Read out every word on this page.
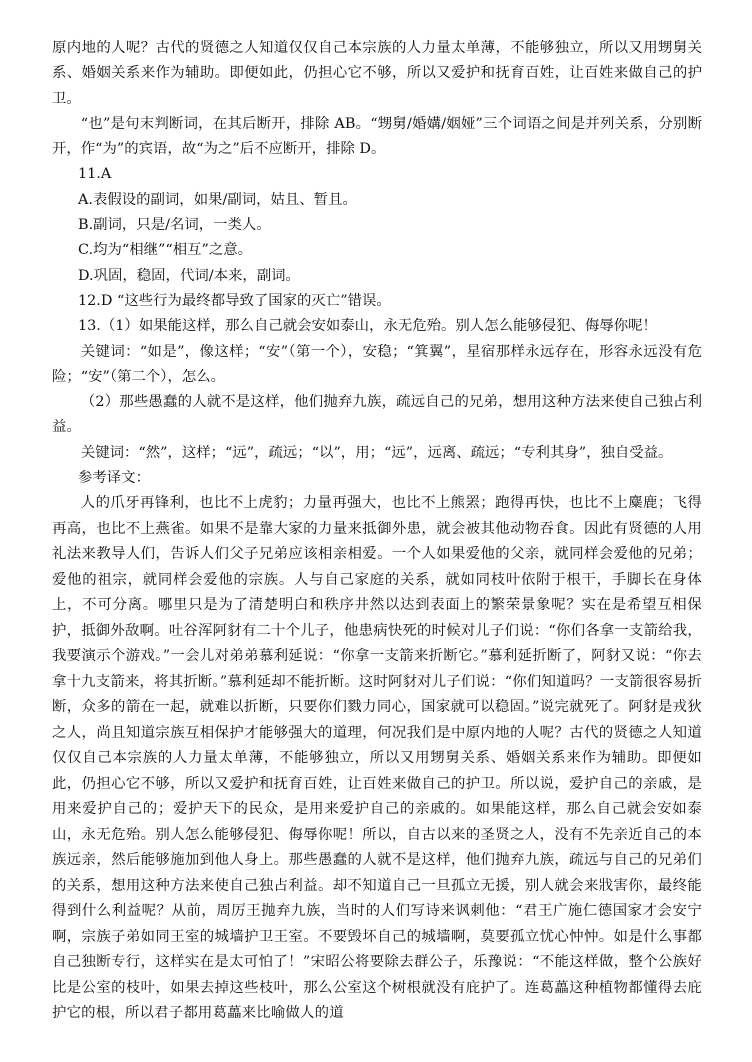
原内地的人呢？古代的贤德之人知道仅仅自己本宗族的人力量太单薄，不能够独立，所以又用甥舅关系、婚姻关系来作为辅助。即便如此，仍担心它不够，所以又爱护和抚育百姓，让百姓来做自己的护卫。

“也”是句末判断词，在其后断开，排除 AB。“甥舅/婚媾/姻娅”三个词语之间是并列关系，分别断开，作“为”的宾语，故“为之”后不应断开，排除 D。

11.A

A.表假设的副词，如果/副词，姑且、暂且。

B.副词，只是/名词，一类人。

C.均为“相继”“相互”之意。

D.巩固，稳固，代词/本来，副词。

12.D “这些行为最终都导致了国家的灭亡”错误。

13.（1）如果能这样，那么自己就会安如泰山，永无危殆。别人怎么能够侵犯、侮辱你呢！

关键词：“如是”，像这样；“安”（第一个），安稳；“箕翼”，星宿那样永远存在，形容永远没有危险；“安”（第二个），怎么。

（2）那些愚蠢的人就不是这样，他们抛弃九族，疏远自己的兄弟，想用这种方法来使自己独占利益。

关键词：“然”，这样；“远”，疏远；“以”，用；“远”，远离、疏远；“专利其身”，独自受益。

参考译文：

人的爪牙再锋利，也比不上虎豹；力量再强大，也比不上熊罴；跑得再快，也比不上麋鹿；飞得再高，也比不上燕雀。如果不是靠大家的力量来抵御外患，就会被其他动物吞食。因此有贤德的人用礼法来教导人们，告诉人们父子兄弟应该相亲相爱。一个人如果爱他的父亲，就同样会爱他的兄弟；爱他的祖宗，就同样会爱他的宗族。人与自己家庭的关系，就如同枝叶依附于根干，手脚长在身体上，不可分离。哪里只是为了清楚明白和秩序井然以达到表面上的繁荣景象呢？实在是希望互相保护，抵御外敌啊。吐谷浑阿豺有二十个儿子，他患病快死的时候对儿子们说：“你们各拿一支箭给我，我要演示个游戏。”一会儿对弟弟慕利延说：“你拿一支箭来折断它。”慕利延折断了，阿豺又说：“你去拿十九支箭来，将其折断。”慕利延却不能折断。这时阿豺对儿子们说：“你们知道吗？一支箭很容易折断，众多的箭在一起，就难以折断，只要你们戮力同心，国家就可以稳固。”说完就死了。阿豺是戎狄之人，尚且知道宗族互相保护才能够强大的道理，何况我们是中原内地的人呢？古代的贤德之人知道仅仅自己本宗族的人力量太单薄，不能够独立，所以又用甥舅关系、婚姻关系来作为辅助。即便如此，仍担心它不够，所以又爱护和抚育百姓，让百姓来做自己的护卫。所以说，爱护自己的亲戚，是用来爱护自己的；爱护天下的民众，是用来爱护自己的亲戚的。如果能这样，那么自己就会安如泰山，永无危殆。别人怎么能够侵犯、侮辱你呢！所以，自古以来的圣贤之人，没有不先亲近自己的本族远亲，然后能够施加到他人身上。那些愚蠢的人就不是这样，他们抛弃九族，疏远与自己的兄弟们的关系，想用这种方法来使自己独占利益。却不知道自己一旦孤立无援，别人就会来戕害你，最终能得到什么利益呢？从前，周厉王抛弃九族，当时的人们写诗来讽刺他：“君王广施仁德国家才会安宁啊，宗族子弟如同王室的城墙护卫王室。不要毁坏自己的城墙啊，莫要孤立忧心忡忡。如是什么事都自己独断专行，这样实在是太可怕了！”宋昭公将要除去群公子，乐豫说：“不能这样做，整个公族好比是公室的枝叶，如果去掉这些枝叶，那么公室这个树根就没有庇护了。连葛藟这种植物都懂得去庇护它的根，所以君子都用葛藟来比喻做人的道
